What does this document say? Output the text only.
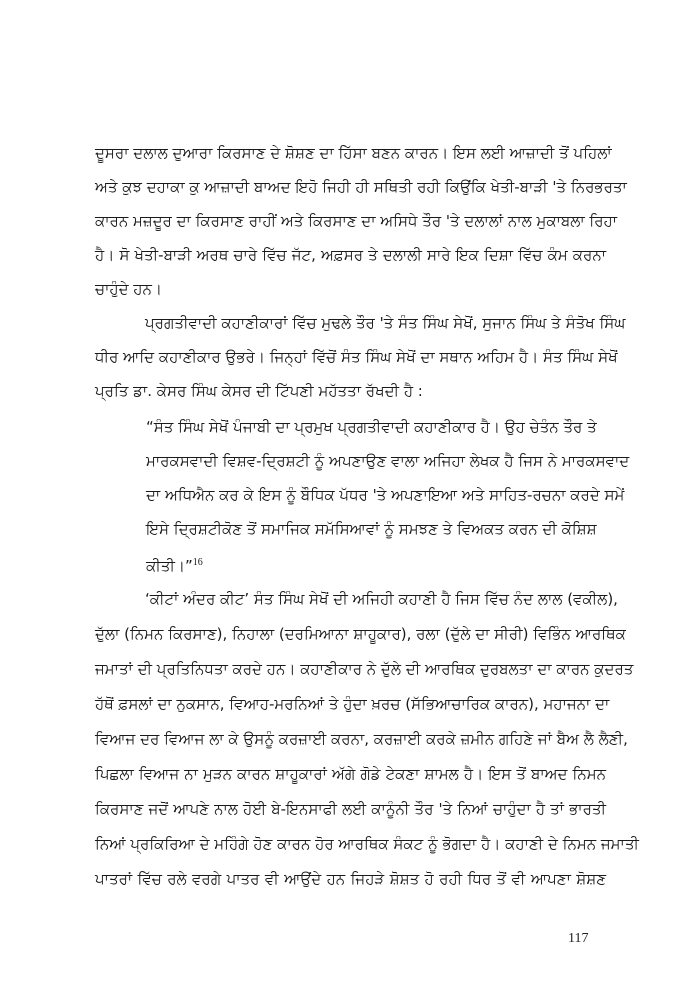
ਦੂਸਰਾ ਦਲਾਲ ਦੁਆਰਾ ਕਿਰਸਾਣ ਦੇ ਸ਼ੋਸ਼ਣ ਦਾ ਹਿੱਸਾ ਬਣਨ ਕਾਰਨ। ਇਸ ਲਈ ਆਜ਼ਾਦੀ ਤੋਂ ਪਹਿਲਾਂ
ਅਤੇ ਕੁਝ ਦਹਾਕਾ ਕੁ ਆਜ਼ਾਦੀ ਬਾਅਦ ਇਹੋ ਜਿਹੀ ਹੀ ਸਥਿਤੀ ਰਹੀ ਕਿਉਂਕਿ ਖੇਤੀ-ਬਾੜੀ 'ਤੇ ਨਿਰਭਰਤਾ
ਕਾਰਨ ਮਜ਼ਦੂਰ ਦਾ ਕਿਰਸਾਣ ਰਾਹੀਂ ਅਤੇ ਕਿਰਸਾਣ ਦਾ ਅਸਿਧੇ ਤੌਰ 'ਤੇ ਦਲਾਲਾਂ ਨਾਲ ਮੁਕਾਬਲਾ ਰਿਹਾ
ਹੈ। ਸੋ ਖੇਤੀ-ਬਾੜੀ ਅਰਥ ਚਾਰੇ ਵਿੱਚ ਜੱਟ, ਅਫ਼ਸਰ ਤੇ ਦਲਾਲੀ ਸਾਰੇ ਇਕ ਦਿਸ਼ਾ ਵਿੱਚ ਕੰਮ ਕਰਨਾ
ਚਾਹੁੰਦੇ ਹਨ।
ਪ੍ਰਗਤੀਵਾਦੀ ਕਹਾਣੀਕਾਰਾਂ ਵਿੱਚ ਮੁਢਲੇ ਤੌਰ 'ਤੇ ਸੰਤ ਸਿੰਘ ਸੇਖੋਂ, ਸੁਜਾਨ ਸਿੰਘ ਤੇ ਸੰਤੋਖ ਸਿੰਘ
ਧੀਰ ਆਦਿ ਕਹਾਣੀਕਾਰ ਉਭਰੇ। ਜਿਨ੍ਹਾਂ ਵਿੱਚੋਂ ਸੰਤ ਸਿੰਘ ਸੇਖੋਂ ਦਾ ਸਥਾਨ ਅਹਿਮ ਹੈ। ਸੰਤ ਸਿੰਘ ਸੇਖੋਂ
ਪ੍ਰਤਿ ਡਾ. ਕੇਸਰ ਸਿੰਘ ਕੇਸਰ ਦੀ ਟਿੱਪਣੀ ਮਹੱਤਤਾ ਰੱਖਦੀ ਹੈ :
“ਸੰਤ ਸਿੰਘ ਸੇਖੋਂ ਪੰਜਾਬੀ ਦਾ ਪ੍ਰਮੁਖ ਪ੍ਰਗਤੀਵਾਦੀ ਕਹਾਣੀਕਾਰ ਹੈ। ਉਹ ਚੇਤੰਨ ਤੌਰ ਤੇ
ਮਾਰਕਸਵਾਦੀ ਵਿਸ਼ਵ-ਦ੍ਰਿਸ਼ਟੀ ਨੂੰ ਅਪਣਾਉਣ ਵਾਲਾ ਅਜਿਹਾ ਲੇਖਕ ਹੈ ਜਿਸ ਨੇ ਮਾਰਕਸਵਾਦ
ਦਾ ਅਧਿਐਨ ਕਰ ਕੇ ਇਸ ਨੂੰ ਬੌਧਿਕ ਪੱਧਰ 'ਤੇ ਅਪਣਾਇਆ ਅਤੇ ਸਾਹਿਤ-ਰਚਨਾ ਕਰਦੇ ਸਮੇਂ
ਇਸੇ ਦ੍ਰਿਸ਼ਟੀਕੋਣ ਤੋਂ ਸਮਾਜਿਕ ਸਮੱਸਿਆਵਾਂ ਨੂੰ ਸਮਝਣ ਤੇ ਵਿਅਕਤ ਕਰਨ ਦੀ ਕੋਸ਼ਿਸ਼
ਕੀਤੀ।”$^{16}$
‘ਕੀਟਾਂ ਅੰਦਰ ਕੀਟ’ ਸੰਤ ਸਿੰਘ ਸੇਖੋਂ ਦੀ ਅਜਿਹੀ ਕਹਾਣੀ ਹੈ ਜਿਸ ਵਿੱਚ ਨੰਦ ਲਾਲ (ਵਕੀਲ),
ਦੁੱਲਾ (ਨਿਮਨ ਕਿਰਸਾਣ), ਨਿਹਾਲਾ (ਦਰਮਿਆਨਾ ਸ਼ਾਹੂਕਾਰ), ਰਲਾ (ਦੁੱਲੇ ਦਾ ਸੀਰੀ) ਵਿਭਿੰਨ ਆਰਥਿਕ
ਜਮਾਤਾਂ ਦੀ ਪ੍ਰਤਿਨਿਧਤਾ ਕਰਦੇ ਹਨ। ਕਹਾਣੀਕਾਰ ਨੇ ਦੁੱਲੇ ਦੀ ਆਰਥਿਕ ਦੁਰਬਲਤਾ ਦਾ ਕਾਰਨ ਕੁਦਰਤ
ਹੱਥੋਂ ਫ਼ਸਲਾਂ ਦਾ ਨੁਕਸਾਨ, ਵਿਆਹ-ਮਰਨਿਆਂ ਤੇ ਹੁੰਦਾ ਖ਼ਰਚ (ਸੱਭਿਆਚਾਰਿਕ ਕਾਰਨ), ਮਹਾਜਨਾ ਦਾ
ਵਿਆਜ ਦਰ ਵਿਆਜ ਲਾ ਕੇ ਉਸਨੂੰ ਕਰਜ਼ਾਈ ਕਰਨਾ, ਕਰਜ਼ਾਈ ਕਰਕੇ ਜ਼ਮੀਨ ਗਹਿਣੇ ਜਾਂ ਬੈਅ ਲੈ ਲੈਣੀ,
ਪਿਛਲਾ ਵਿਆਜ ਨਾ ਮੁੜਨ ਕਾਰਨ ਸ਼ਾਹੂਕਾਰਾਂ ਅੱਗੇ ਗੋਡੇ ਟੇਕਣਾ ਸ਼ਾਮਲ ਹੈ। ਇਸ ਤੋਂ ਬਾਅਦ ਨਿਮਨ
ਕਿਰਸਾਣ ਜਦੋਂ ਆਪਣੇ ਨਾਲ ਹੋਈ ਬੇ-ਇਨਸਾਫੀ ਲਈ ਕਾਨੂੰਨੀ ਤੌਰ 'ਤੇ ਨਿਆਂ ਚਾਹੁੰਦਾ ਹੈ ਤਾਂ ਭਾਰਤੀ
ਨਿਆਂ ਪ੍ਰਕਿਰਿਆ ਦੇ ਮਹਿੰਗੇ ਹੋਣ ਕਾਰਨ ਹੋਰ ਆਰਥਿਕ ਸੰਕਟ ਨੂੰ ਭੋਗਦਾ ਹੈ। ਕਹਾਣੀ ਦੇ ਨਿਮਨ ਜਮਾਤੀ
ਪਾਤਰਾਂ ਵਿੱਚ ਰਲੇ ਵਰਗੇ ਪਾਤਰ ਵੀ ਆਉਂਦੇ ਹਨ ਜਿਹੜੇ ਸ਼ੋਸ਼ਤ ਹੋ ਰਹੀ ਧਿਰ ਤੋਂ ਵੀ ਆਪਣਾ ਸ਼ੋਸ਼ਣ
117
